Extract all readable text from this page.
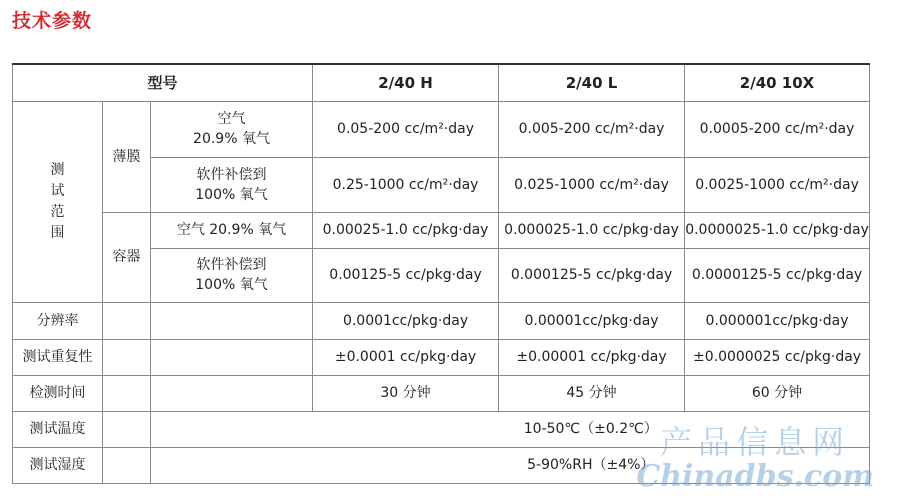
技术参数
型号			2/40 H	2/40 L	2/40 10X
测试范围	薄膜	空气
20.9% 氧气	0.05-200 cc/m²·day	0.005-200 cc/m²·day	0.0005-200 cc/m²·day

		软件补偿到
100% 氧气	0.25-1000 cc/m²·day	0.025-1000 cc/m²·day	0.0025-1000 cc/m²·day
	容器	空气 20.9% 氧气	0.00025-1.0 cc/pkg·day	0.000025-1.0 cc/pkg·day	0.0000025-1.0 cc/pkg·day

		软件补偿到
100% 氧气	0.00125-5 cc/pkg·day	0.000125-5 cc/pkg·day	0.0000125-5 cc/pkg·day
分辨率			0.0001cc/pkg·day	0.00001cc/pkg·day	0.000001cc/pkg·day
测试重复性			±0.0001 cc/pkg·day	±0.00001 cc/pkg·day	±0.0000025 cc/pkg·day
检测时间			30 分钟	45 分钟	60 分钟
测试温度			10-50℃（±0.2℃）		
测试湿度			5-90%RH（±4%）		
产品信息网
Chinadbs.com
